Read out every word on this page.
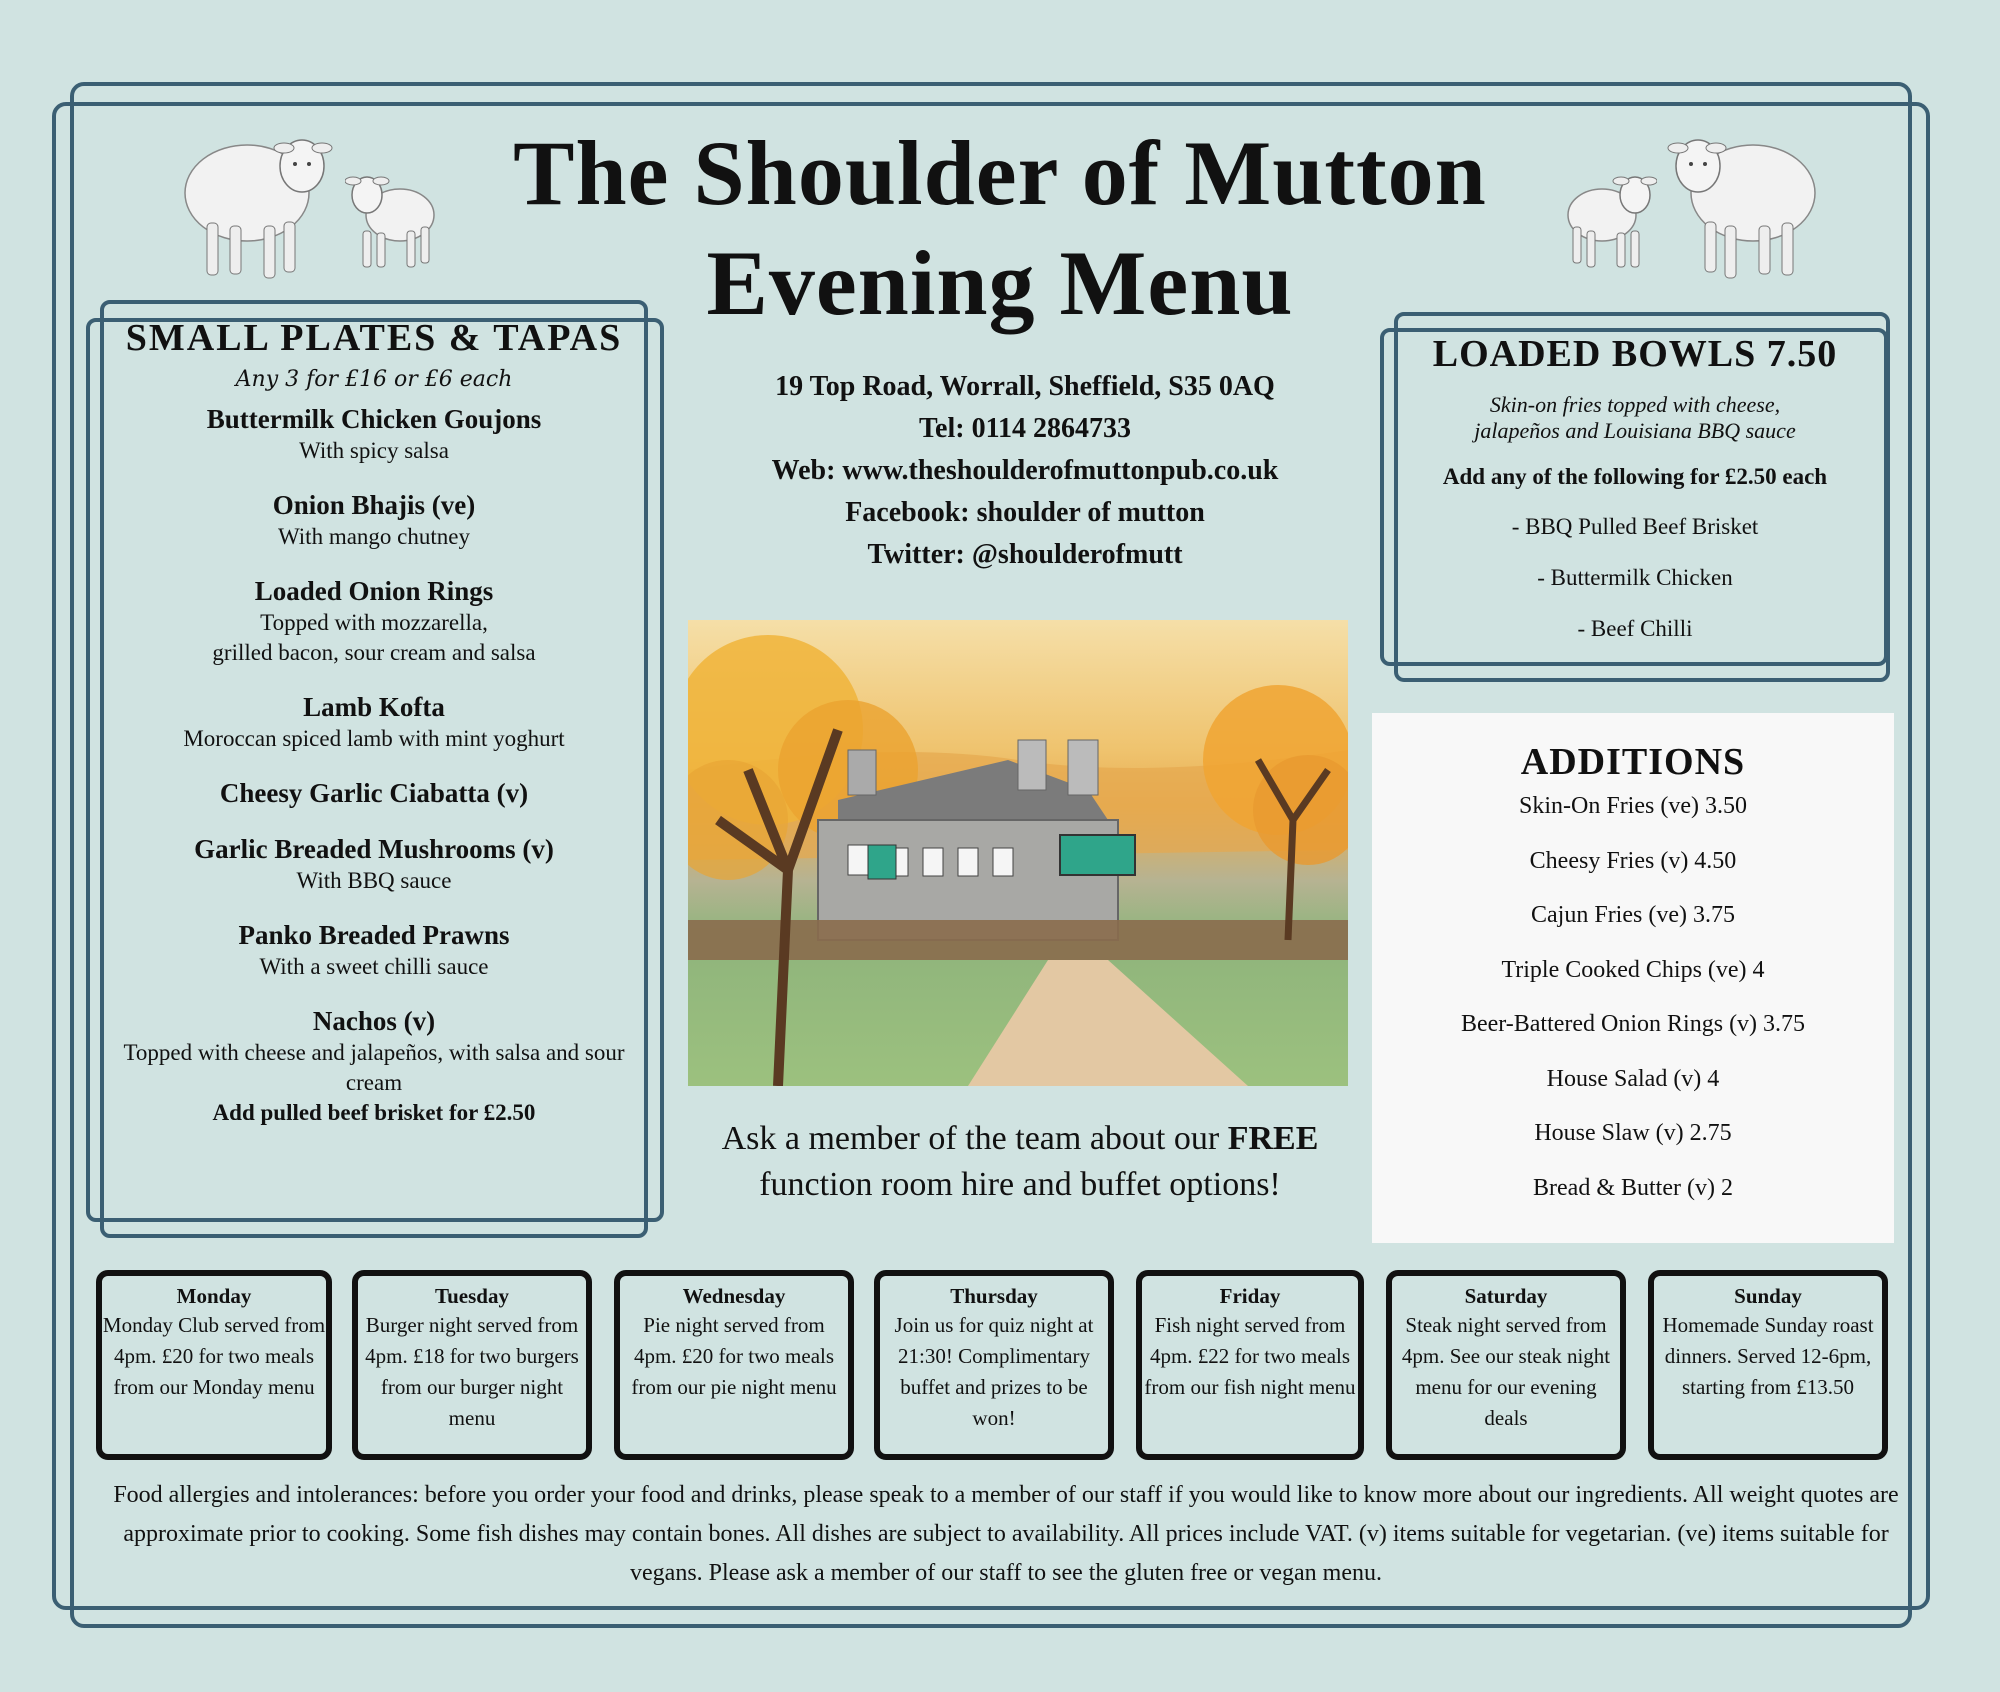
The Shoulder of Mutton
Evening Menu
SMALL PLATES & TAPAS
Any 3 for £16 or £6 each
Buttermilk Chicken Goujons
With spicy salsa
Onion Bhajis (ve)
With mango chutney
Loaded Onion Rings
Topped with mozzarella,
grilled bacon, sour cream and salsa
Lamb Kofta
Moroccan spiced lamb with mint yoghurt
Cheesy Garlic Ciabatta (v)
Garlic Breaded Mushrooms (v)
With BBQ sauce
Panko Breaded Prawns
With a sweet chilli sauce
Nachos (v)
Topped with cheese and jalapeños, with salsa and sour cream
Add pulled beef brisket for £2.50
19 Top Road, Worrall, Sheffield, S35 0AQ
Tel: 0114 2864733
Web: www.theshoulderofmuttonpub.co.uk
Facebook: shoulder of mutton
Twitter: @shoulderofmutt
Ask a member of the team about our FREE
function room hire and buffet options!
LOADED BOWLS 7.50
Skin-on fries topped with cheese,
jalapeños and Louisiana BBQ sauce
Add any of the following for £2.50 each
- BBQ Pulled Beef Brisket
- Buttermilk Chicken
- Beef Chilli
ADDITIONS
Skin-On Fries (ve) 3.50
Cheesy Fries (v) 4.50
Cajun Fries (ve) 3.75
Triple Cooked Chips (ve) 4
Beer-Battered Onion Rings (v) 3.75
House Salad (v) 4
House Slaw (v) 2.75
Bread & Butter (v) 2
Monday
Monday Club served from 4pm. £20 for two meals from our Monday menu
Tuesday
Burger night served from 4pm. £18 for two burgers from our burger night menu
Wednesday
Pie night served from 4pm. £20 for two meals from our pie night menu
Thursday
Join us for quiz night at 21:30! Complimentary buffet and prizes to be won!
Friday
Fish night served from 4pm. £22 for two meals from our fish night menu
Saturday
Steak night served from 4pm. See our steak night menu for our evening deals
Sunday
Homemade Sunday roast dinners. Served 12-6pm, starting from £13.50
Food allergies and intolerances: before you order your food and drinks, please speak to a member of our staff if you would like to know more about our ingredients. All weight quotes are approximate prior to cooking. Some fish dishes may contain bones. All dishes are subject to availability. All prices include VAT. (v) items suitable for vegetarian. (ve) items suitable for vegans. Please ask a member of our staff to see the gluten free or vegan menu.
